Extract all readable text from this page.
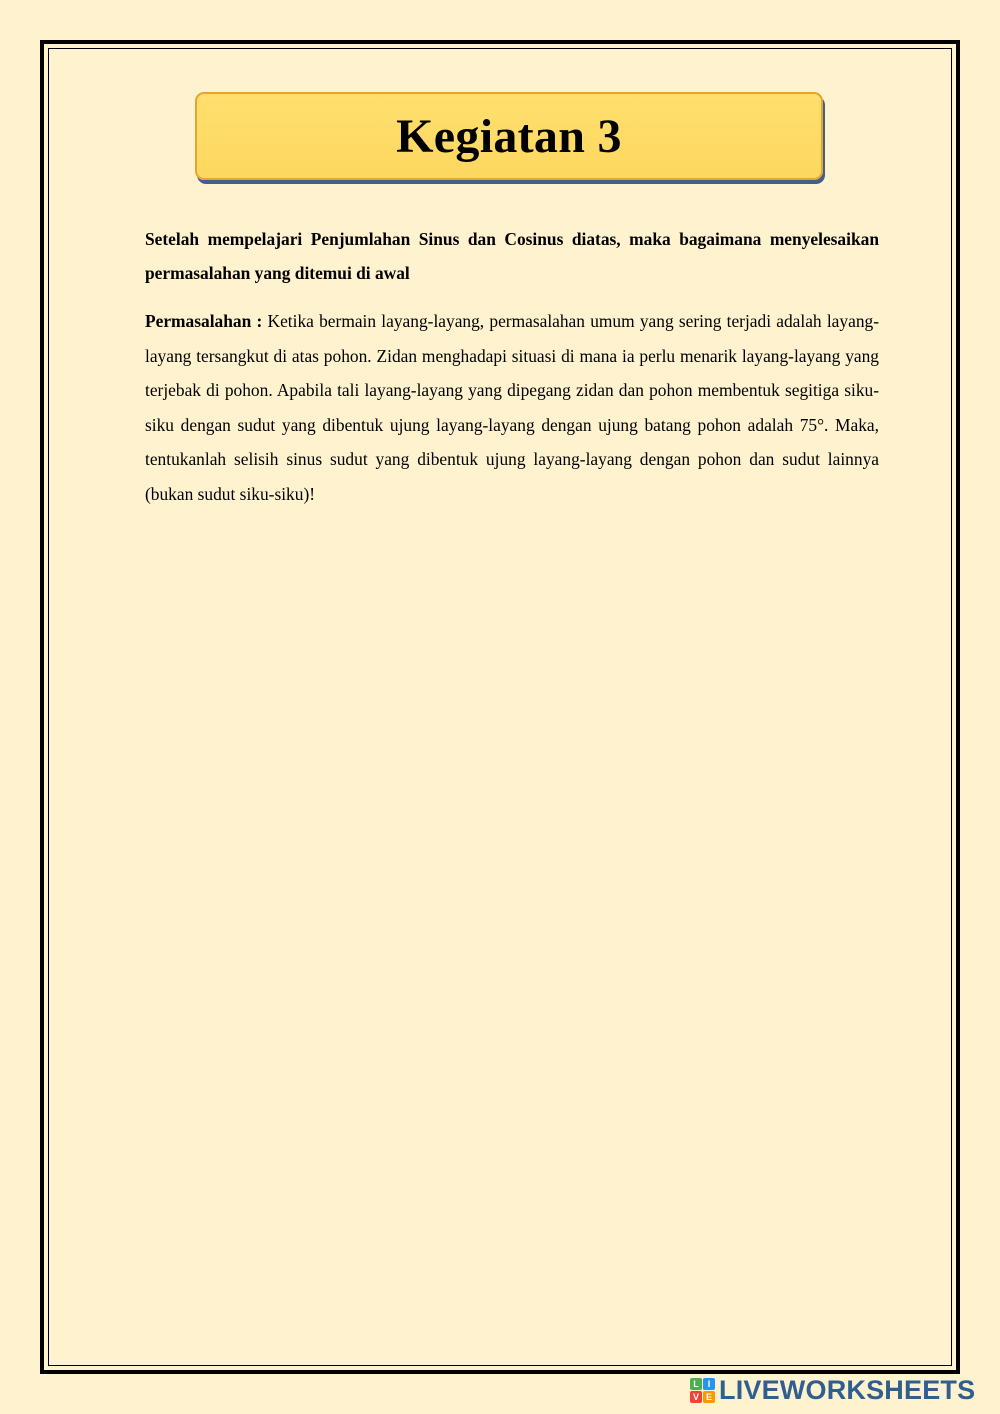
Kegiatan 3
Setelah mempelajari Penjumlahan Sinus dan Cosinus diatas, maka bagaimana menyelesaikan permasalahan yang ditemui di awal
Permasalahan : Ketika bermain layang-layang, permasalahan umum yang sering terjadi adalah layang-layang tersangkut di atas pohon. Zidan menghadapi situasi di mana ia perlu menarik layang-layang yang terjebak di pohon. Apabila tali layang-layang yang dipegang zidan dan pohon membentuk segitiga siku-siku dengan sudut yang dibentuk ujung layang-layang dengan ujung batang pohon adalah 75°. Maka, tentukanlah selisih sinus sudut yang dibentuk ujung layang-layang dengan pohon dan sudut lainnya (bukan sudut siku-siku)!
L I
V E LIVEWORKSHEETS
